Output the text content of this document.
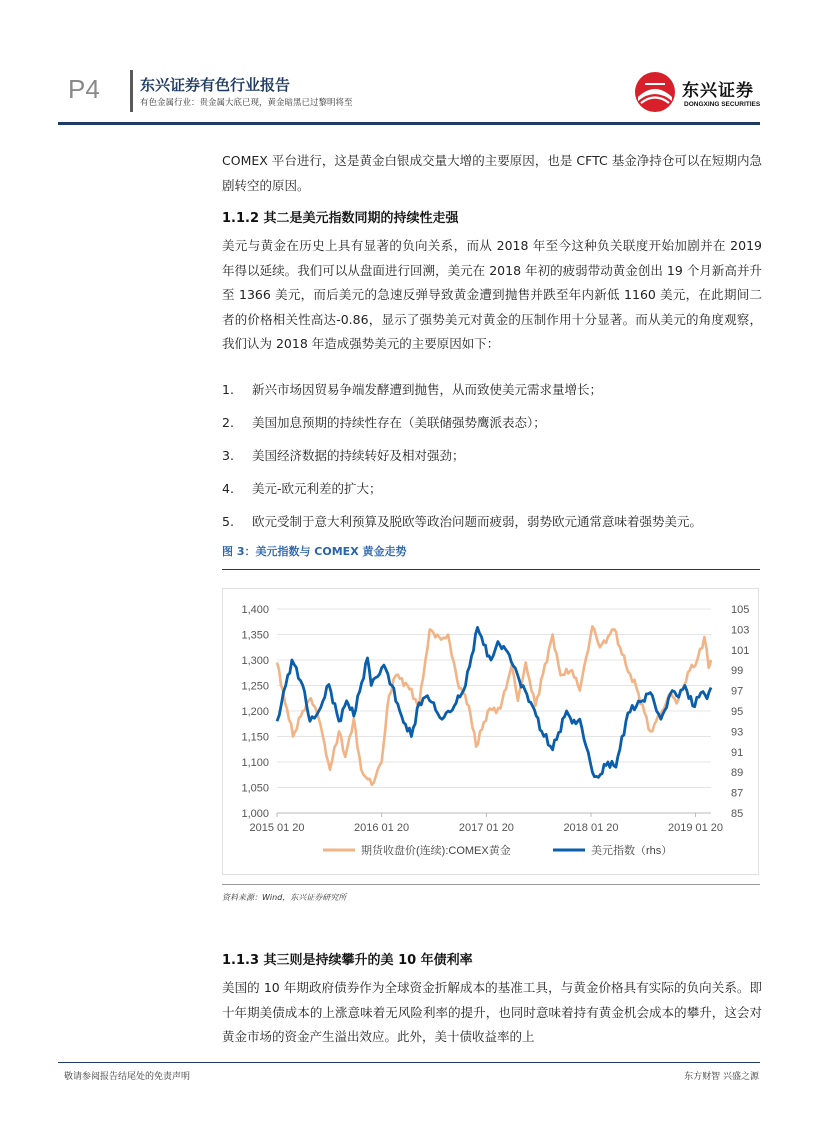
P4	东兴证券有色行业报告
有色金属行业：贵金属大底已现，黄金暗黑已过黎明将至
东兴证券
DONGXING SECURITIES
COMEX 平台进行，这是黄金白银成交量大增的主要原因，也是 CFTC 基金净持仓可以在短期内急剧转空的原因。
1.1.2 其二是美元指数同期的持续性走强
美元与黄金在历史上具有显著的负向关系，而从 2018 年至今这种负关联度开始加剧并在 2019 年得以延续。我们可以从盘面进行回溯，美元在 2018 年初的疲弱带动黄金创出 19 个月新高并升至 1366 美元，而后美元的急速反弹导致黄金遭到抛售并跌至年内新低 1160 美元，在此期间二者的价格相关性高达-0.86，显示了强势美元对黄金的压制作用十分显著。而从美元的角度观察，我们认为 2018 年造成强势美元的主要原因如下：
1. 新兴市场因贸易争端发酵遭到抛售，从而致使美元需求量增长；
2. 美国加息预期的持续性存在（美联储强势鹰派表态）；
3. 美国经济数据的持续转好及相对强劲；
4. 美元-欧元利差的扩大；
5. 欧元受制于意大利预算及脱欧等政治问题而疲弱，弱势欧元通常意味着强势美元。
图 3：美元指数与 COMEX 黄金走势
1,000
1,050
1,100
1,150
1,200
1,250
1,300
1,350
1,400
85
87
89
91
93
95
97
99
101
103
105
2015 01 20	2016 01 20	2017 01 20	2018 01 20	2019 01 20
期货收盘价(连续):COMEX黄金	美元指数（rhs）
资料来源：Wind，东兴证券研究所
1.1.3 其三则是持续攀升的美 10 年债利率
美国的 10 年期政府债券作为全球资金折解成本的基准工具，与黄金价格具有实际的负向关系。即十年期美债成本的上涨意味着无风险利率的提升，也同时意味着持有黄金机会成本的攀升，这会对黄金市场的资金产生溢出效应。此外，美十债收益率的上
敬请参阅报告结尾处的免责声明	东方财智 兴盛之源
